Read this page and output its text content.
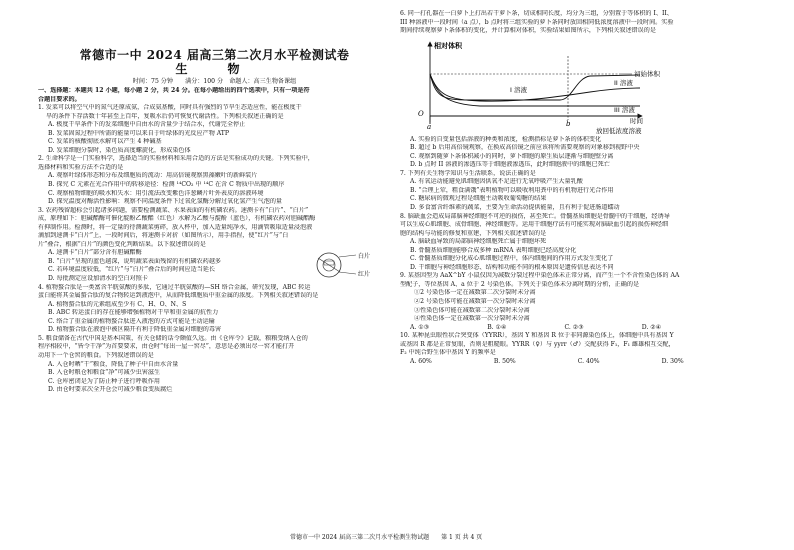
常德市一中 2024 届高三第二次月水平检测试卷
生　物
时间：75 分钟　　满分：100 分　命题人：高三生物备课组
一、选择题：本题共 12 小题，每小题 2 分，共 24 分。在每小题给出的四个选项中，只有一项是符
合题目要求的。
1. 发菜可以将空气中的氮气还原成氨，合成氨基酸，同时具有强烈的节旱生态适应性，能在极度干
旱的条件下存活数十年甚至上百年，复吸水后仍可恢复代谢活性。下列相关叙述正确的是
A. 极度干旱条件下的发菜细胞中自由水的含量少于结合水，代谢完全停止
B. 发菜固氮过程中所需的能量可以来自于叶绿体的光反应产物 ATP
C. 发菜的核酸彻底水解可以产生 4 种碱基
D. 发菜细胞分裂时，染色质高度螺旋化，形成染色体
2. 生命科学是一门实验科学，选择适当的实验材料和采用合适的方法是实验成功的关键。下列实验中，
选择材料和实验方法不合适的是
A. 观察叶绿体形态和分布及细胞质的流动：用高倍镜观察黑藻嫩叶的新鲜装片
B. 探究 C 元素在光合作用中的转移途径：检测 ¹⁴CO₂ 中 ¹⁴C 在含 C 物质中出现的顺序
C. 观察植物细胞的吸水和失水：用引流法改变紫色洋葱鳞片叶外表皮的溶液环境
D. 探究温度对酶活性影响：观察不同温度条件下过氧化氢酶分解过氧化氢产生气泡的量
3. 农药残留超标会引起诸多问题，需要检测蔬菜、水果表面的有机磷农药。速测卡有“白片”、“白片”
成，原理如下：胆碱酯酶可催化靛酚乙酸酯（红色）水解为乙酸与靛酚（蓝色），有机磷农药对胆碱酯酶
有抑制作用。检测时，将一定量的待测蔬菜剪碎，放入杯中，加入适量纯净水，用滴管吸取适量浸泡液
滴加到速测卡“白片”上，一段时间后，将速测卡对折（如图所示），用手指捏，使“红片”与“白
片”叠合，根据“白片”的颜色变化判断结果。以下叙述错误的是
A. 速测卡“白片”部分含有胆碱酯酶
B. “白片”呈现的蓝色越深，说明蔬菜表面残留的有机磷农药越多
C. 若环境温度较低，“红片”与“白片”叠合后的时间应适当延长
D. 每批测定应设加清水的空白对照卡
白片
红片
4. 植物螯合肽是一类富含半胱氨酸的多肽，它通过半胱氨酸的—SH 络合金属，研究发现，ABC 转运
蛋白能将其金属螯合肽的复合物转运到液泡中，从而降低细胞质中重金属的浓度。下列相关叙述错误的是
A. 植物螯合肽的元素组成至少有 C、H、O、N、S
B. ABC 转运蛋白的存在能够增强植物对干旱和重金属的抗性力
C. 络合了重金属的植物螯合肽进入液泡的方式可能是主动运输
D. 植物螯合肽在液泡中被区隔开有利于降低重金属对细胞的毒害
5. 粮食储备在古代中国是基本国策，有关仓储的话令颇值久远。由《仓库令》记载，粮粮受纳入仓的
程序相较中，“皆令干净”为首要要求，由仓时“每出一屋一窖尽”，意思是必须出尽一窖才能打开
动用下一个仓窖的粮食。下列叙述错误的是
A. 入仓时晒“干”粮食，降低了种子中自由水含量
B. 入仓时粮仓和粮食“净”可减少虫害滋生
C. 仓库密闭是为了防止种子进行呼吸作用
D. 由仓时要求次全开仓会可减少粮食变质腐烂
6. 同一打孔器在一白萝卜上打出若干萝卜条，切成相同长度，均分为三组，分别置于等体积的 I、II、
III 种溶液中一段时间（a 点），b 点时将三组实验的萝卜条同时放回相同低浓度溶液中一段时间。实验
期间持续观察萝卜条体积的变化，并计算相对体积，实验结果如图所示，下列相关叙述错误的是
相对体积
O
初始体积
I 溶液
II 溶液
III 溶液
a	b	时间
放回低浓度溶液
A. 实验的自变量包括溶液的种类和浓度，检测指标是萝卜条的体积变化
B. 超过 b 后用高倍镜观察，在换成高倍镜之前应该将所需要观察的对象移到视野中央
C. 观察到随萝卜条体积减小的同时，萝卜细胞的原生质层逐渐与细胞壁分离
D. b 点时 II 溶液的渗透压等于细胞液渗透压，此时细胞液中的细胞已死亡
7. 下列有关生物学知识与生活联系，说法正确的是
A. 有氧运动能避免肌细胞因供氧不足进行无氧呼吸产生大量乳酸
B. “合理上荤，粗食满饿”表明植物可以吸收利用粪中的有机物进行光合作用
C. 糖尿病的微观过程是细胞主动吸收葡萄糖的结果
D. 多食富含纤维素的蔬菜，主要为生命活动提供能量，且有利于促进肠道蠕动
8. 脑缺血会造成局部脑神经细胞不可逆的损伤，甚至死亡。骨髓基质细胞是骨髓中的干细胞，经诱导
可以生成心肌细胞、成骨细胞、神经细胞等。运用干细胞疗法有可能实现对脑缺血引起的损伤神经细
胞的结构与功能的修复和重建，下列相关叙述错误的是
A. 脑缺血导致的局部脑神经细胞死亡属于细胞坏死
B. 骨髓基质细胞能够合成多种 mRNA 表明细胞已经高度分化
C. 骨髓基质细胞分化成心肌细胞过程中，体内细胞间的作用方式发生变化了
D. 干细胞与神经细胞形态、结构和功能不同的根本原因是遗传信息表达不同
9. 某基因型为 AaX^bY 小鼠仅因为减数分裂过程中染色体未正常分离，而产生一个不含性染色体的 AA
型配子，等位基因 A、a 位于 2 号染色体。下列关于染色体未分离时期的分析，正确的是
①2 号染色体一定在减数第二次分裂时未分离
②2 号染色体可能在减数第一次分裂时未分离
③性染色体可能在减数第二次分裂时未分离
④性染色体一定在减数第一次分裂时未分离
A. ①③	B. ①④	C. ②③	D. ②④
10. 某种昆虫眼性状合突变体（YYRR），基因 Y 和基因 R 位于非同源染色体上，体细胞中具有基因 Y
或基因 R 都是正常复眼，否则是粗糙眼。YYRR（♀）与 yyrr（♂）交配获得 F₁，F₁ 雌雄相互交配，
F₂ 中纯合野生体中基因 Y 的频率是
A. 60%	B. 50%	C. 40%	D. 30%
常德市一中 2024 届高三第二次月水平检测生物试题　　第 1 页 共 4 页
